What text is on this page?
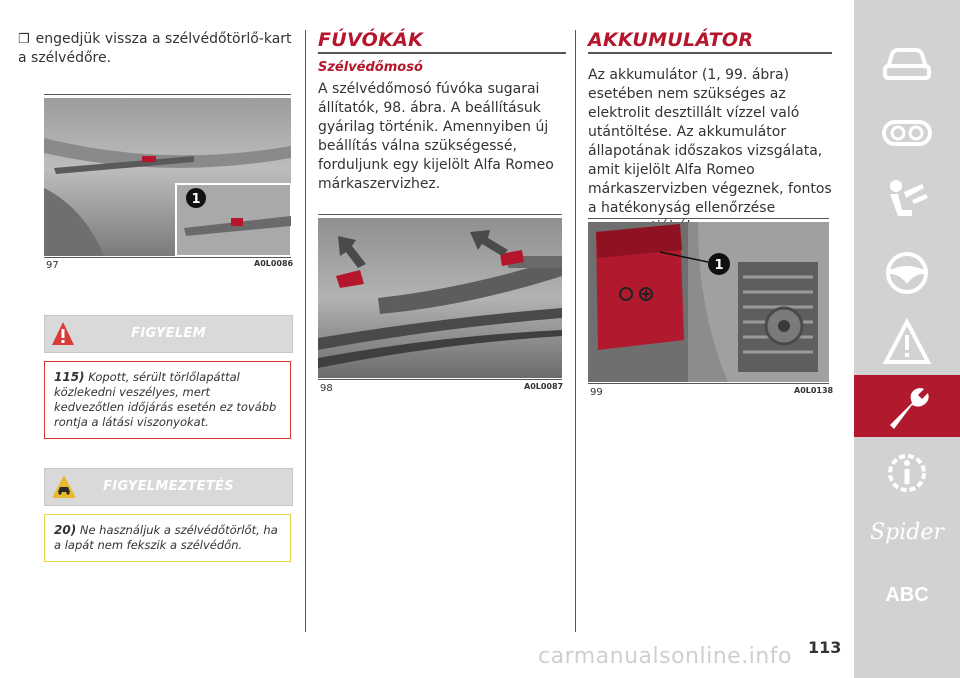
❒ engedjük vissza a szélvédőtörlő-kart a szélvédőre.
1
97	A0L0086
FIGYELEM
115) Kopott, sérült törlőlapáttal közlekedni veszélyes, mert kedvezőtlen időjárás esetén ez tovább rontja a látási viszonyokat.
FIGYELMEZTETÉS
20) Ne használjuk a szélvédőtörlőt, ha a lapát nem fekszik a szélvédőn.
FÚVÓKÁK
Szélvédőmosó
A szélvédőmosó fúvóka sugarai állítatók, 98. ábra. A beállításuk gyárilag történik. Amennyiben új beállítás válna szükségessé, forduljunk egy kijelölt Alfa Romeo márkaszervizhez.
98	A0L0087
AKKUMULÁTOR
Az akkumulátor (1, 99. ábra) esetében nem szükséges az elektrolit desztillált vízzel való utántöltése. Az akkumulátor állapotának időszakos vizsgálata, amit kijelölt Alfa Romeo márkaszervizben végeznek, fontos a hatékonyság ellenőrzése
1
99	A0L0138
113
carmanualsonline.info
Spider
ABC
